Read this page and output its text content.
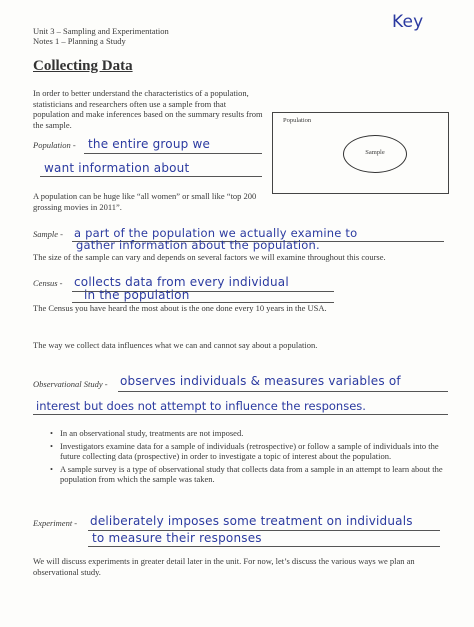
Unit 3 – Sampling and Experimentation
Notes 1 – Planning a Study
Key
Collecting Data
In order to better understand the characteristics of a population, statisticians and researchers often use a sample from that population and make inferences based on the summary results from the sample.	Population
Sample
Population - the entire group we
want information about
A population can be huge like “all women” or small like “top 200 grossing movies in 2011”.
Sample - a part of the population we actually examine to
gather information about the population.
The size of the sample can vary and depends on several factors we will examine throughout this course.
Census - collects data from every individual
in the population
The Census you have heard the most about is the one done every 10 years in the USA.
The way we collect data influences what we can and cannot say about a population.
Observational Study - observes individuals & measures variables of
interest but does not attempt to influence the responses.
• In an observational study, treatments are not imposed.
• Investigators examine data for a sample of individuals (retrospective) or follow a sample of individuals into the future collecting data (prospective) in order to investigate a topic of interest about the population.
• A sample survey is a type of observational study that collects data from a sample in an attempt to learn about the population from which the sample was taken.
Experiment - deliberately imposes some treatment on individuals
to measure their responses
We will discuss experiments in greater detail later in the unit. For now, let’s discuss the various ways we plan an observational study.
